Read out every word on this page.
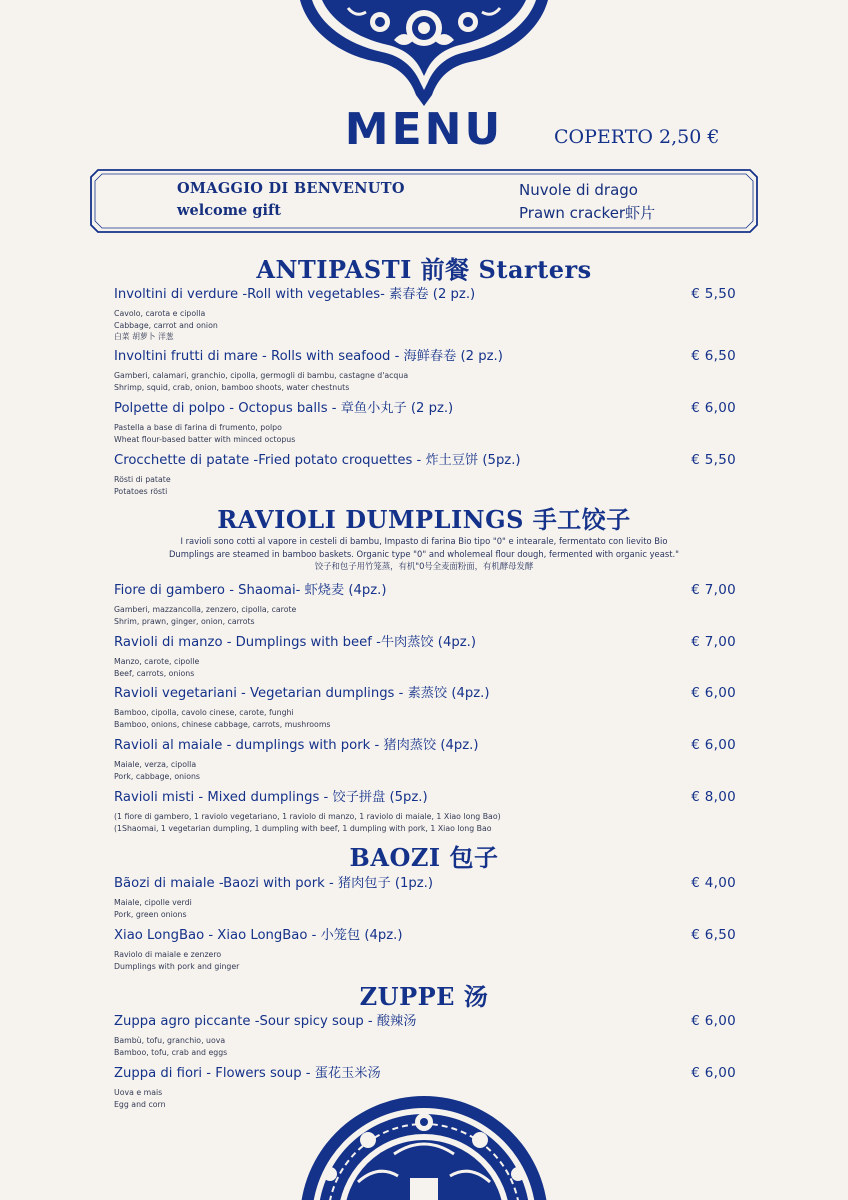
MENU	COPERTO 2,50 €
OMAGGIO DI BENVENUTO
welcome gift
Nuvole di drago
Prawn cracker虾片
ANTIPASTI 前餐 Starters
Involtini di verdure -Roll with vegetables- 素春卷 (2 pz.)	€ 5,50
Cavolo, carota e cipolla
Cabbage, carrot and onion
白菜 胡萝卜 洋葱
Involtini frutti di mare - Rolls with seafood - 海鲜春卷 (2 pz.)	€ 6,50
Gamberi, calamari, granchio, cipolla, germogli di bambu, castagne d'acqua
Shrimp, squid, crab, onion, bamboo shoots, water chestnuts
Polpette di polpo - Octopus balls - 章鱼小丸子 (2 pz.)	€ 6,00
Pastella a base di farina di frumento, polpo
Wheat flour-based batter with minced octopus
Crocchette di patate -Fried potato croquettes - 炸土豆饼 (5pz.)	€ 5,50
Rösti di patate
Potatoes rösti
RAVIOLI DUMPLINGS 手工饺子
I ravioli sono cotti al vapore in cesteli di bambu, Impasto di farina Bio tipo "0" e intearale, fermentato con lievito Bio
Dumplings are steamed in bamboo baskets. Organic type "0" and wholemeal flour dough, fermented with organic yeast."
饺子和包子用竹笼蒸，有机"0号全麦面粉面，有机酵母发酵
Fiore di gambero - Shaomai- 虾烧麦 (4pz.)	€ 7,00
Gamberi, mazzancolla, zenzero, cipolla, carote
Shrim, prawn, ginger, onion, carrots
Ravioli di manzo - Dumplings with beef -牛肉蒸饺 (4pz.)	€ 7,00
Manzo, carote, cipolle
Beef, carrots, onions
Ravioli vegetariani - Vegetarian dumplings - 素蒸饺 (4pz.)	€ 6,00
Bamboo, cipolla, cavolo cinese, carote, funghi
Bamboo, onions, chinese cabbage, carrots, mushrooms
Ravioli al maiale - dumplings with pork - 猪肉蒸饺 (4pz.)	€ 6,00
Maiale, verza, cipolla
Pork, cabbage, onions
Ravioli misti - Mixed dumplings - 饺子拼盘 (5pz.)	€ 8,00
(1 fiore di gambero, 1 raviolo vegetariano, 1 raviolo di manzo, 1 raviolo di maiale, 1 Xiao long Bao)
(1Shaomai, 1 vegetarian dumpling, 1 dumpling with beef, 1 dumpling with pork, 1 Xiao long Bao
BAOZI 包子
Bãozi di maiale -Baozi with pork - 猪肉包子 (1pz.)	€ 4,00
Maiale, cipolle verdi
Pork, green onions
Xiao LongBao - Xiao LongBao - 小笼包 (4pz.)	€ 6,50
Raviolo di maiale e zenzero
Dumplings with pork and ginger
ZUPPE 汤
Zuppa agro piccante -Sour spicy soup - 酸辣汤	€ 6,00
Bambù, tofu, granchio, uova
Bamboo, tofu, crab and eggs
Zuppa di fiori - Flowers soup - 蛋花玉米汤	€ 6,00
Uova e mais
Egg and corn
